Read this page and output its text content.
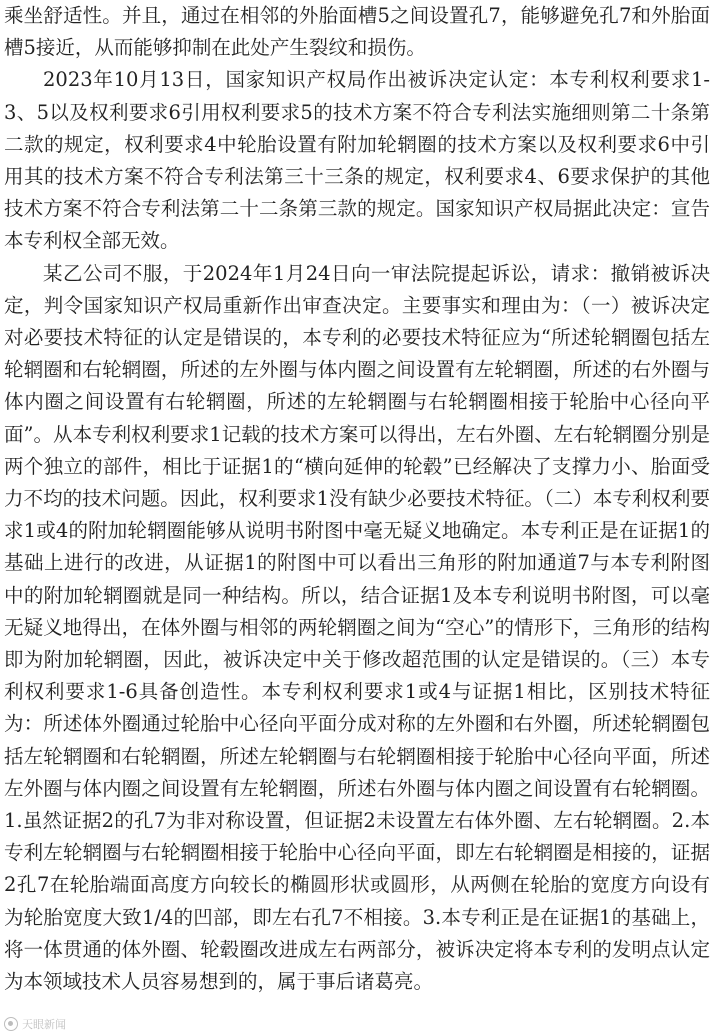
乘坐舒适性。并且，通过在相邻的外胎面槽5之间设置孔7，能够避免孔7和外胎面槽5接近，从而能够抑制在此处产生裂纹和损伤。

2023年10月13日，国家知识产权局作出被诉决定认定：本专利权利要求1-3、5以及权利要求6引用权利要求5的技术方案不符合专利法实施细则第二十条第二款的规定，权利要求4中轮胎设置有附加轮辋圈的技术方案以及权利要求6中引用其的技术方案不符合专利法第三十三条的规定，权利要求4、6要求保护的其他技术方案不符合专利法第二十二条第三款的规定。国家知识产权局据此决定：宣告本专利权全部无效。

某乙公司不服，于2024年1月24日向一审法院提起诉讼，请求：撤销被诉决定，判令国家知识产权局重新作出审查决定。主要事实和理由为：（一）被诉决定对必要技术特征的认定是错误的，本专利的必要技术特征应为“所述轮辋圈包括左轮辋圈和右轮辋圈，所述的左外圈与体内圈之间设置有左轮辋圈，所述的右外圈与体内圈之间设置有右轮辋圈，所述的左轮辋圈与右轮辋圈相接于轮胎中心径向平面”。从本专利权利要求1记载的技术方案可以得出，左右外圈、左右轮辋圈分别是两个独立的部件，相比于证据1的“横向延伸的轮毂”已经解决了支撑力小、胎面受力不均的技术问题。因此，权利要求1没有缺少必要技术特征。（二）本专利权利要求1或4的附加轮辋圈能够从说明书附图中毫无疑义地确定。本专利正是在证据1的基础上进行的改进，从证据1的附图中可以看出三角形的附加通道7与本专利附图中的附加轮辋圈就是同一种结构。所以，结合证据1及本专利说明书附图，可以毫无疑义地得出，在体外圈与相邻的两轮辋圈之间为“空心”的情形下，三角形的结构即为附加轮辋圈，因此，被诉决定中关于修改超范围的认定是错误的。（三）本专利权利要求1-6具备创造性。本专利权利要求1或4与证据1相比，区别技术特征为：所述体外圈通过轮胎中心径向平面分成对称的左外圈和右外圈，所述轮辋圈包括左轮辋圈和右轮辋圈，所述左轮辋圈与右轮辋圈相接于轮胎中心径向平面，所述左外圈与体内圈之间设置有左轮辋圈，所述右外圈与体内圈之间设置有右轮辋圈。1.虽然证据2的孔7为非对称设置，但证据2未设置左右体外圈、左右轮辋圈。2.本专利左轮辋圈与右轮辋圈相接于轮胎中心径向平面，即左右轮辋圈是相接的，证据2孔7在轮胎端面高度方向较长的椭圆形状或圆形，从两侧在轮胎的宽度方向设有为轮胎宽度大致1/4的凹部，即左右孔7不相接。3.本专利正是在证据1的基础上，将一体贯通的体外圈、轮毂圈改进成左右两部分，被诉决定将本专利的发明点认定为本领域技术人员容易想到的，属于事后诸葛亮。

天眼新闻
